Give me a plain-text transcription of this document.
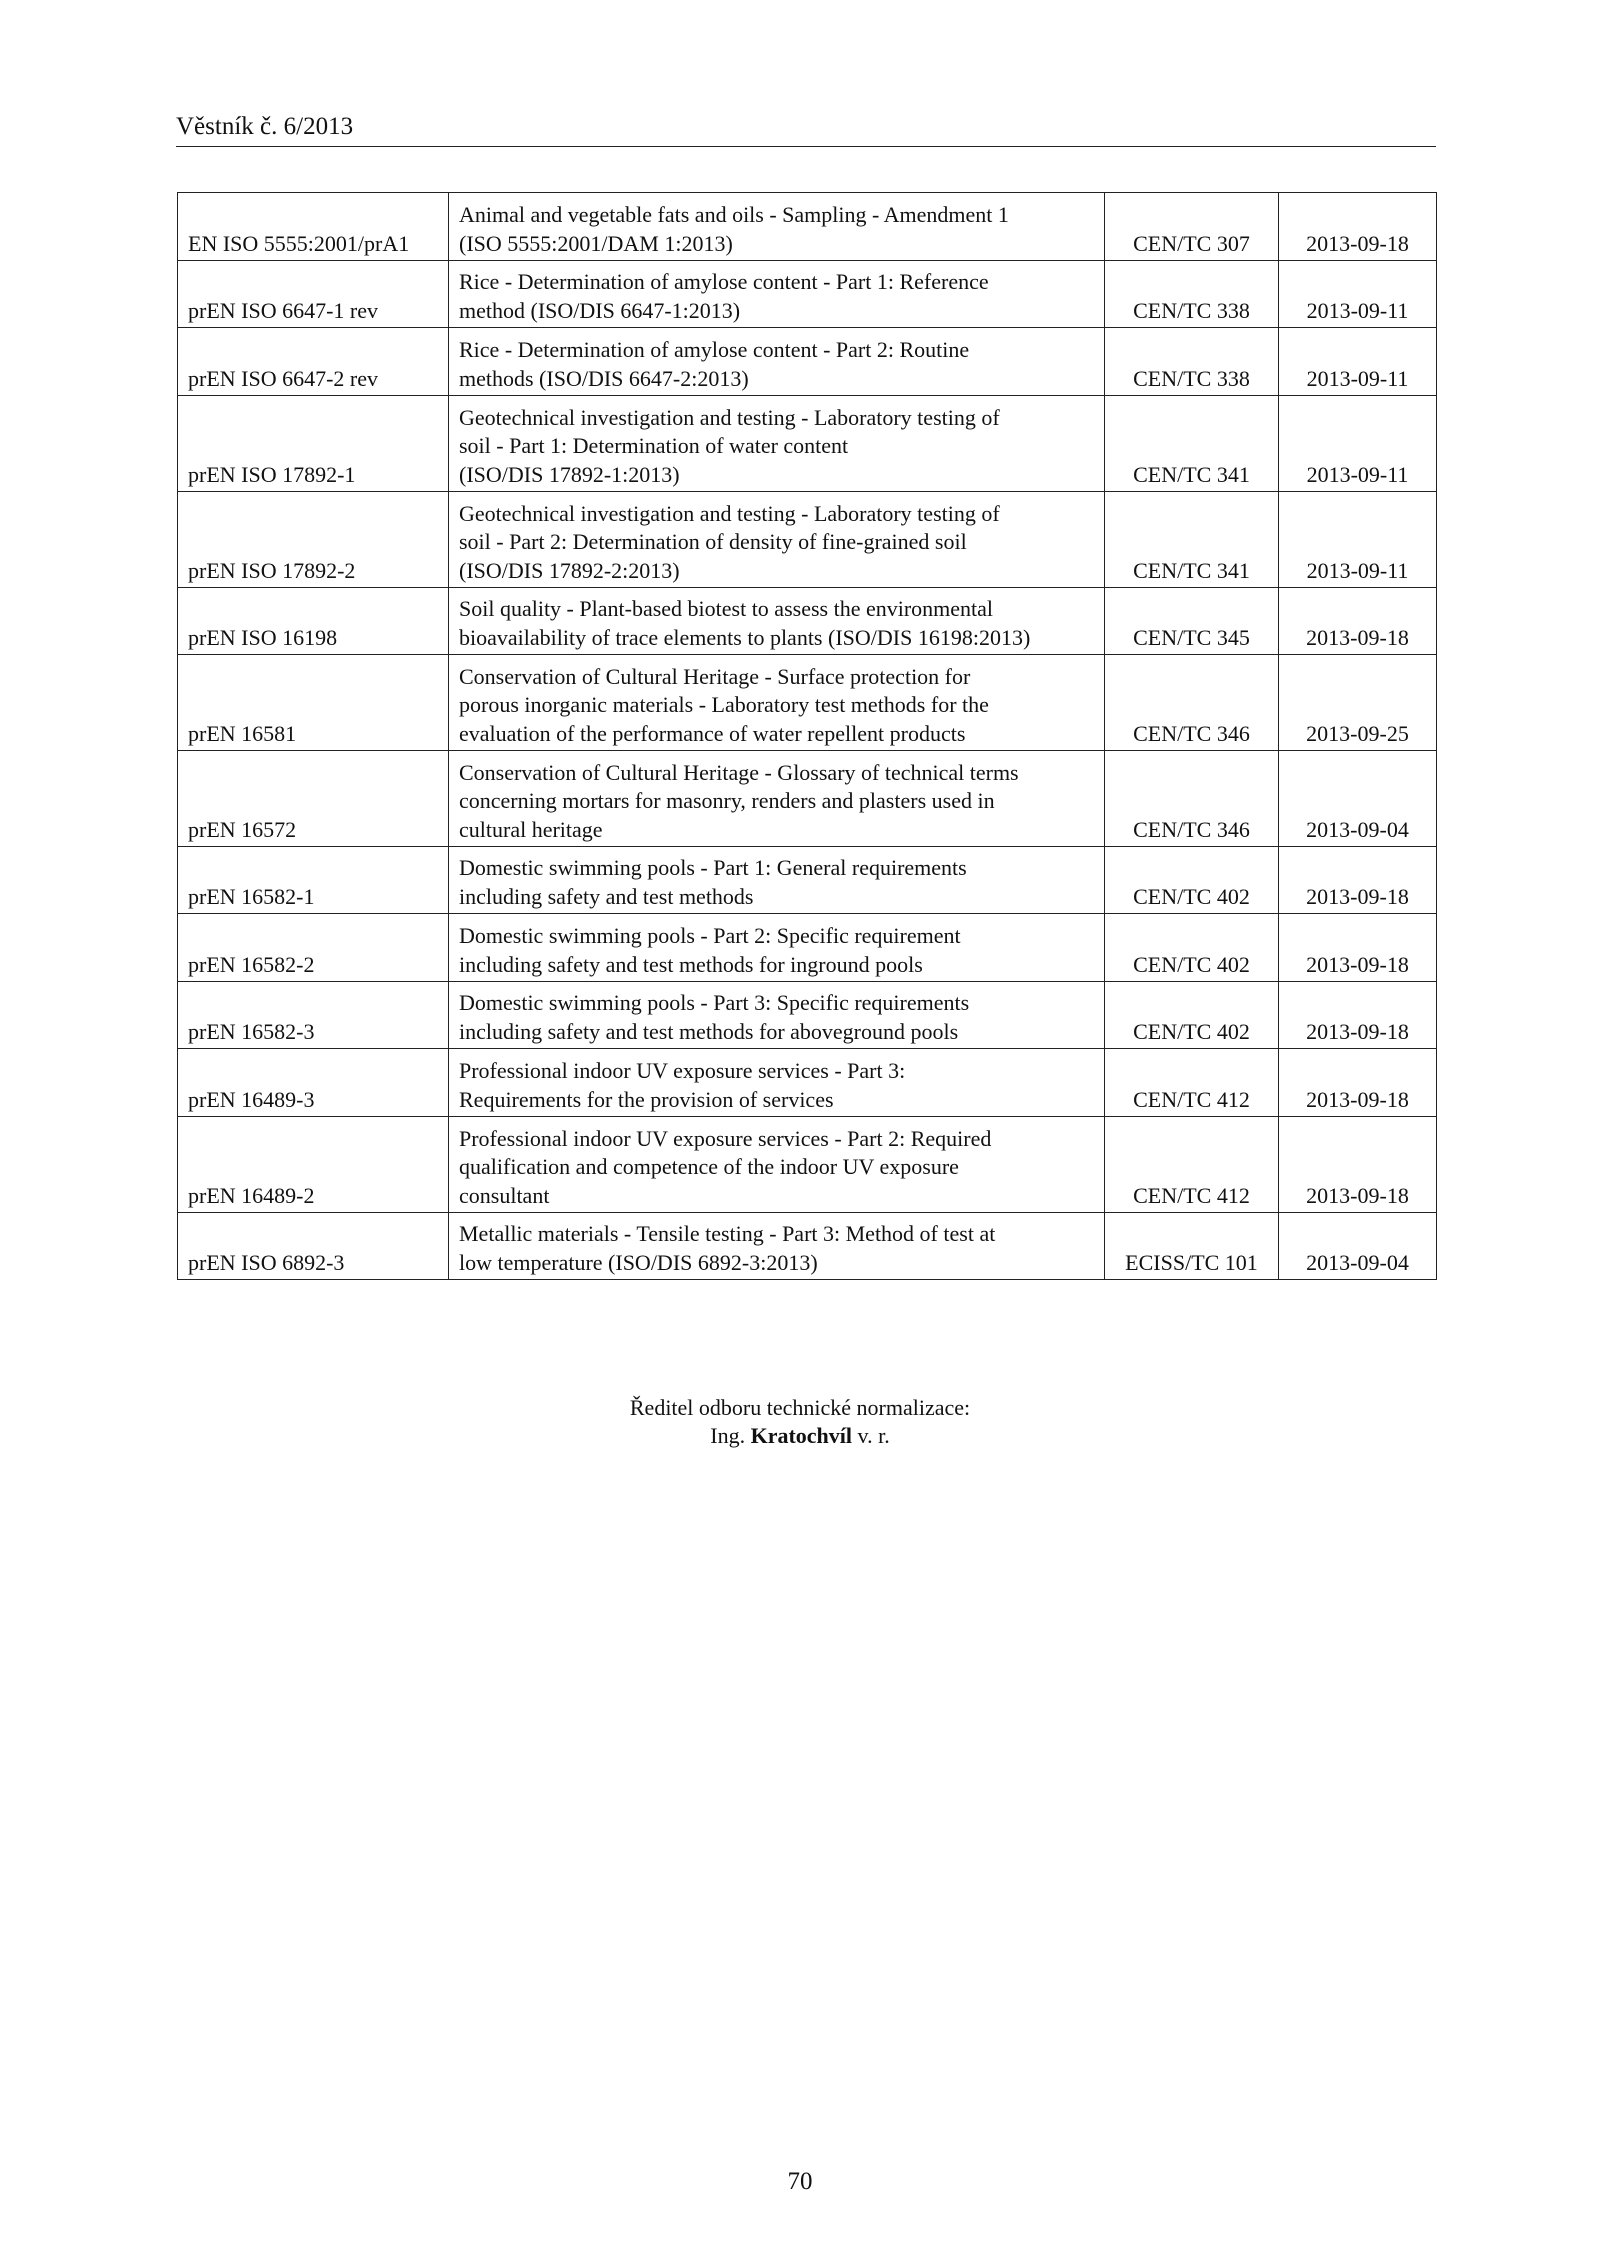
Věstník č. 6/2013
EN ISO 5555:2001/prA1	Animal and vegetable fats and oils - Sampling - Amendment 1
(ISO 5555:2001/DAM 1:2013)	CEN/TC 307	2013-09-18
prEN ISO 6647-1 rev	Rice - Determination of amylose content - Part 1: Reference
method (ISO/DIS 6647-1:2013)	CEN/TC 338	2013-09-11
prEN ISO 6647-2 rev	Rice - Determination of amylose content - Part 2: Routine
methods (ISO/DIS 6647-2:2013)	CEN/TC 338	2013-09-11
prEN ISO 17892-1	Geotechnical investigation and testing - Laboratory testing of
soil - Part 1: Determination of water content
(ISO/DIS 17892-1:2013)	CEN/TC 341	2013-09-11
prEN ISO 17892-2	Geotechnical investigation and testing - Laboratory testing of
soil - Part 2: Determination of density of fine-grained soil
(ISO/DIS 17892-2:2013)	CEN/TC 341	2013-09-11
prEN ISO 16198	Soil quality - Plant-based biotest to assess the environmental
bioavailability of trace elements to plants (ISO/DIS 16198:2013)	CEN/TC 345	2013-09-18
prEN 16581	Conservation of Cultural Heritage - Surface protection for
porous inorganic materials - Laboratory test methods for the
evaluation of the performance of water repellent products	CEN/TC 346	2013-09-25
prEN 16572	Conservation of Cultural Heritage - Glossary of technical terms
concerning mortars for masonry, renders and plasters used in
cultural heritage	CEN/TC 346	2013-09-04
prEN 16582-1	Domestic swimming pools - Part 1: General requirements
including safety and test methods	CEN/TC 402	2013-09-18
prEN 16582-2	Domestic swimming pools - Part 2: Specific requirement
including safety and test methods for inground pools	CEN/TC 402	2013-09-18
prEN 16582-3	Domestic swimming pools - Part 3: Specific requirements
including safety and test methods for aboveground pools	CEN/TC 402	2013-09-18
prEN 16489-3	Professional indoor UV exposure services - Part 3:
Requirements for the provision of services	CEN/TC 412	2013-09-18
prEN 16489-2	Professional indoor UV exposure services - Part 2: Required
qualification and competence of the indoor UV exposure
consultant	CEN/TC 412	2013-09-18
prEN ISO 6892-3	Metallic materials - Tensile testing - Part 3: Method of test at
low temperature (ISO/DIS 6892-3:2013)	ECISS/TC 101	2013-09-04
Ředitel odboru technické normalizace:
Ing. Kratochvíl v. r.
70
